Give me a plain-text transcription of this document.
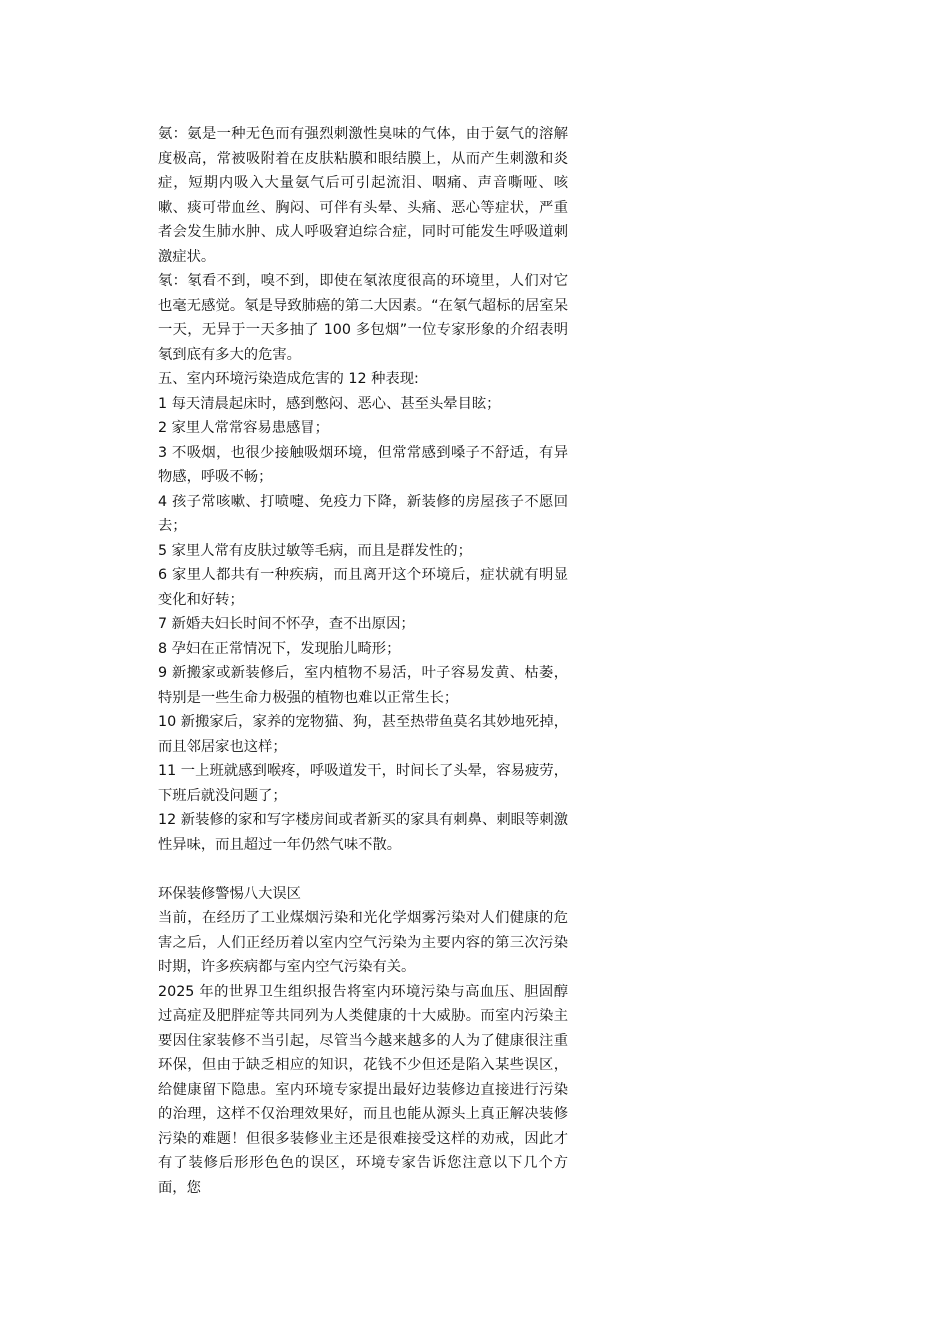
氨：氨是一种无色而有强烈刺激性臭味的气体，由于氨气的溶解度极高，常被吸附着在皮肤粘膜和眼结膜上，从而产生刺激和炎症，短期内吸入大量氨气后可引起流泪、咽痛、声音嘶哑、咳嗽、痰可带血丝、胸闷、可伴有头晕、头痛、恶心等症状，严重者会发生肺水肿、成人呼吸窘迫综合症，同时可能发生呼吸道刺激症状。

氡：氡看不到，嗅不到，即使在氡浓度很高的环境里，人们对它也毫无感觉。氡是导致肺癌的第二大因素。“在氡气超标的居室呆一天，无异于一天多抽了 100 多包烟”一位专家形象的介绍表明氡到底有多大的危害。

五、室内环境污染造成危害的 12 种表现:

1 每天清晨起床时，感到憋闷、恶心、甚至头晕目眩；

2 家里人常常容易患感冒；

3 不吸烟，也很少接触吸烟环境，但常常感到嗓子不舒适，有异物感，呼吸不畅；

4 孩子常咳嗽、打喷嚏、免疫力下降，新装修的房屋孩子不愿回去；

5 家里人常有皮肤过敏等毛病，而且是群发性的；

6 家里人都共有一种疾病，而且离开这个环境后，症状就有明显变化和好转；

7 新婚夫妇长时间不怀孕，查不出原因；

8 孕妇在正常情况下，发现胎儿畸形；

9 新搬家或新装修后，室内植物不易活，叶子容易发黄、枯萎，特别是一些生命力极强的植物也难以正常生长；

10 新搬家后，家养的宠物猫、狗，甚至热带鱼莫名其妙地死掉，而且邻居家也这样；

11 一上班就感到喉疼，呼吸道发干，时间长了头晕，容易疲劳，下班后就没问题了；

12 新装修的家和写字楼房间或者新买的家具有刺鼻、刺眼等刺激性异味，而且超过一年仍然气味不散。

环保装修警惕八大误区

当前，在经历了工业煤烟污染和光化学烟雾污染对人们健康的危害之后，人们正经历着以室内空气污染为主要内容的第三次污染时期，许多疾病都与室内空气污染有关。

2025 年的世界卫生组织报告将室内环境污染与高血压、胆固醇过高症及肥胖症等共同列为人类健康的十大威胁。而室内污染主要因住家装修不当引起，尽管当今越来越多的人为了健康很注重环保，但由于缺乏相应的知识，花钱不少但还是陷入某些误区，给健康留下隐患。室内环境专家提出最好边装修边直接进行污染的治理，这样不仅治理效果好，而且也能从源头上真正解决装修污染的难题！但很多装修业主还是很难接受这样的劝戒，因此才有了装修后形形色色的误区，环境专家告诉您注意以下几个方面，您
